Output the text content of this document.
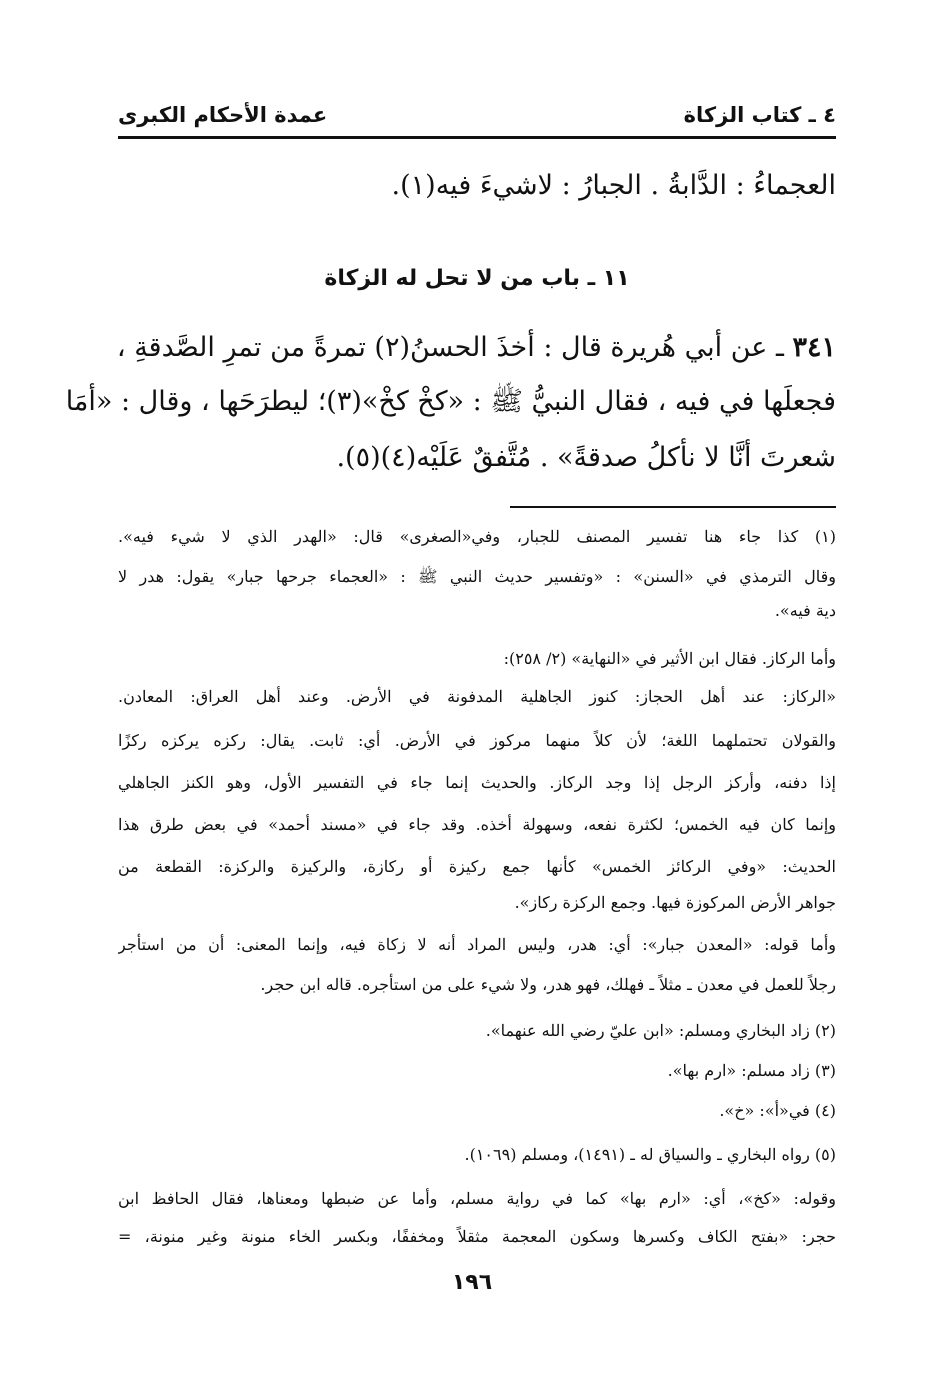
٤ ـ كتاب الزكاة
عمدة الأحكام الكبرى
العجماءُ : الدَّابةُ . الجبارُ : لاشيءَ فيه(١).
١١ ـ باب من لا تحل له الزكاة
٣٤١ ـ عن أبي هُريرة قال : أخذَ الحسنُ(٢) تمرةً من تمرِ الصَّدقةِ ،
فجعلَها في فيه ، فقال النبيُّ ﷺ : «كخْ كخْ»(٣)؛ ليطرَحَها ، وقال : «أمَا
شعرتَ أنَّا لا نأكلُ صدقةً» . مُتَّفقٌ عَلَيْه(٤)(٥).
(١) كذا جاء هنا تفسير المصنف للجبار، وفي«الصغرى» قال: «الهدر الذي لا شيء فيه».
وقال الترمذي في «السنن» : «وتفسير حديث النبي ﷺ : «العجماء جرحها جبار» يقول: هدر لا
دية فيه».
وأما الركاز. فقال ابن الأثير في «النهاية» (٢/ ٢٥٨):
«الركاز: عند أهل الحجاز: كنوز الجاهلية المدفونة في الأرض. وعند أهل العراق: المعادن.
والقولان تحتملهما اللغة؛ لأن كلاً منهما مركوز في الأرض. أي: ثابت. يقال: ركزه يركزه ركزًا
إذا دفنه، وأركز الرجل إذا وجد الركاز. والحديث إنما جاء في التفسير الأول، وهو الكنز الجاهلي
وإنما كان فيه الخمس؛ لكثرة نفعه، وسهولة أخذه. وقد جاء في «مسند أحمد» في بعض طرق هذا
الحديث: «وفي الركائز الخمس» كأنها جمع ركيزة أو ركازة، والركيزة والركزة: القطعة من
جواهر الأرض المركوزة فيها. وجمع الركزة ركاز».
وأما قوله: «المعدن جبار»: أي: هدر، وليس المراد أنه لا زكاة فيه، وإنما المعنى: أن من استأجر
رجلاً للعمل في معدن ـ مثلاً ـ فهلك، فهو هدر، ولا شيء على من استأجره. قاله ابن حجر.
(٢) زاد البخاري ومسلم: «ابن عليّ رضي الله عنهما».
(٣) زاد مسلم: «ارم بها».
(٤) في«أ»: «خ».
(٥) رواه البخاري ـ والسياق له ـ (١٤٩١)، ومسلم (١٠٦٩).
وقوله: «كخ»، أي: «ارم بها» كما في رواية مسلم، وأما عن ضبطها ومعناها، فقال الحافظ ابن
حجر: «بفتح الكاف وكسرها وسكون المعجمة مثقلاً ومخففًا، وبكسر الخاء منونة وغير منونة، =
١٩٦
